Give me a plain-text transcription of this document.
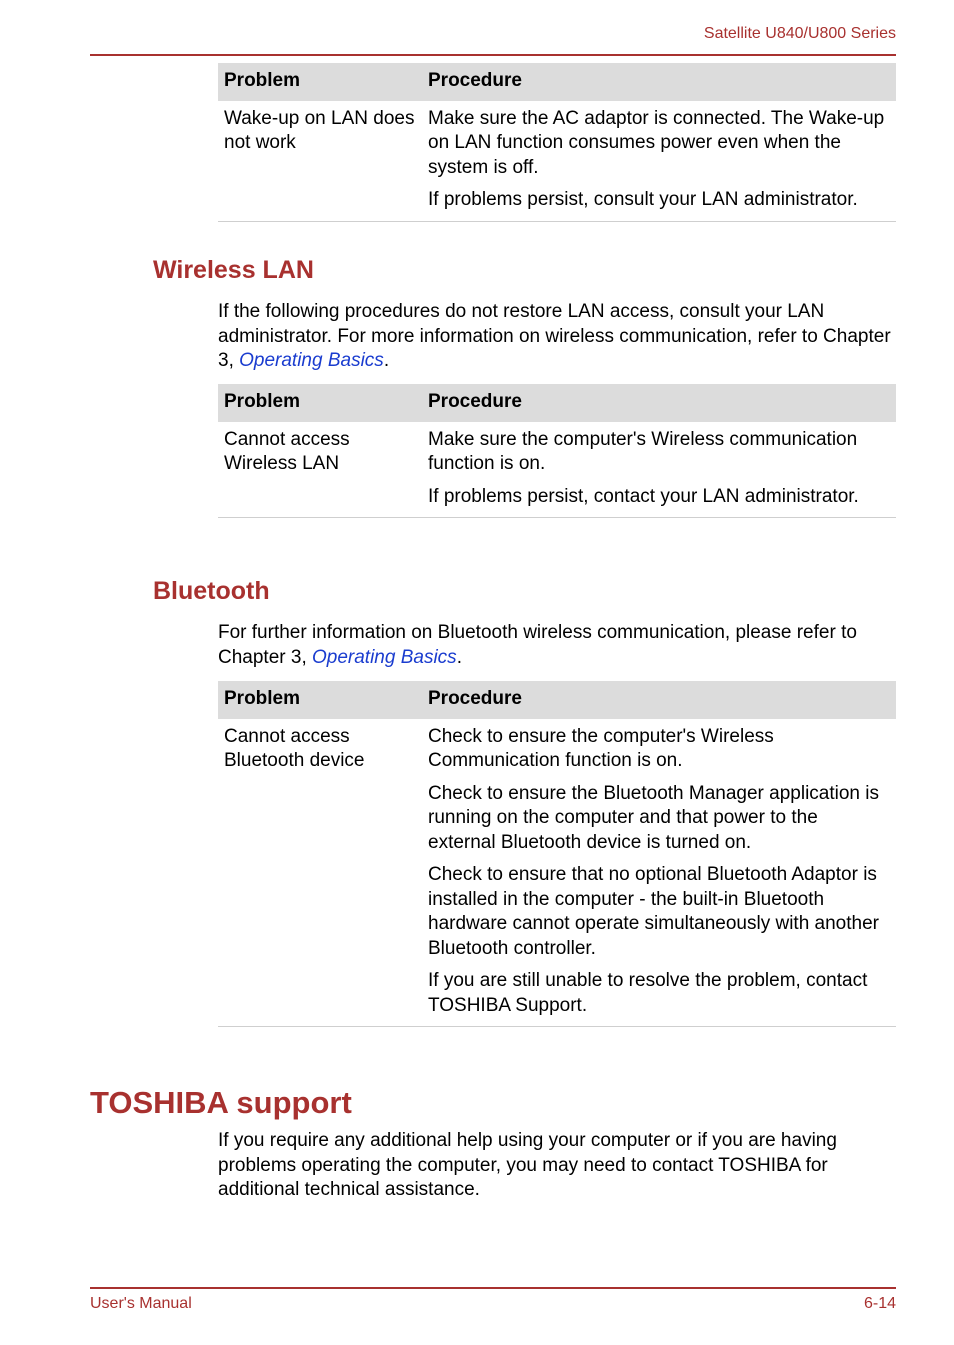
Satellite U840/U800 Series
Problem	Procedure
Wake-up on LAN does not work	Make sure the AC adaptor is connected. The Wake-up on LAN function consumes power even when the system is off.

If problems persist, consult your LAN administrator.

Wireless LAN
If the following procedures do not restore LAN access, consult your LAN administrator. For more information on wireless communication, refer to Chapter 3, Operating Basics.
Problem	Procedure
Cannot access Wireless LAN	Make sure the computer's Wireless communication function is on.

If problems persist, contact your LAN administrator.

Bluetooth
For further information on Bluetooth wireless communication, please refer to Chapter 3, Operating Basics.
Problem	Procedure
Cannot access Bluetooth device	Check to ensure the computer's Wireless Communication function is on.

Check to ensure the Bluetooth Manager application is running on the computer and that power to the external Bluetooth device is turned on.

Check to ensure that no optional Bluetooth Adaptor is installed in the computer - the built-in Bluetooth hardware cannot operate simultaneously with another Bluetooth controller.

If you are still unable to resolve the problem, contact TOSHIBA Support.

TOSHIBA support
If you require any additional help using your computer or if you are having problems operating the computer, you may need to contact TOSHIBA for additional technical assistance.
User's Manual	6-14
